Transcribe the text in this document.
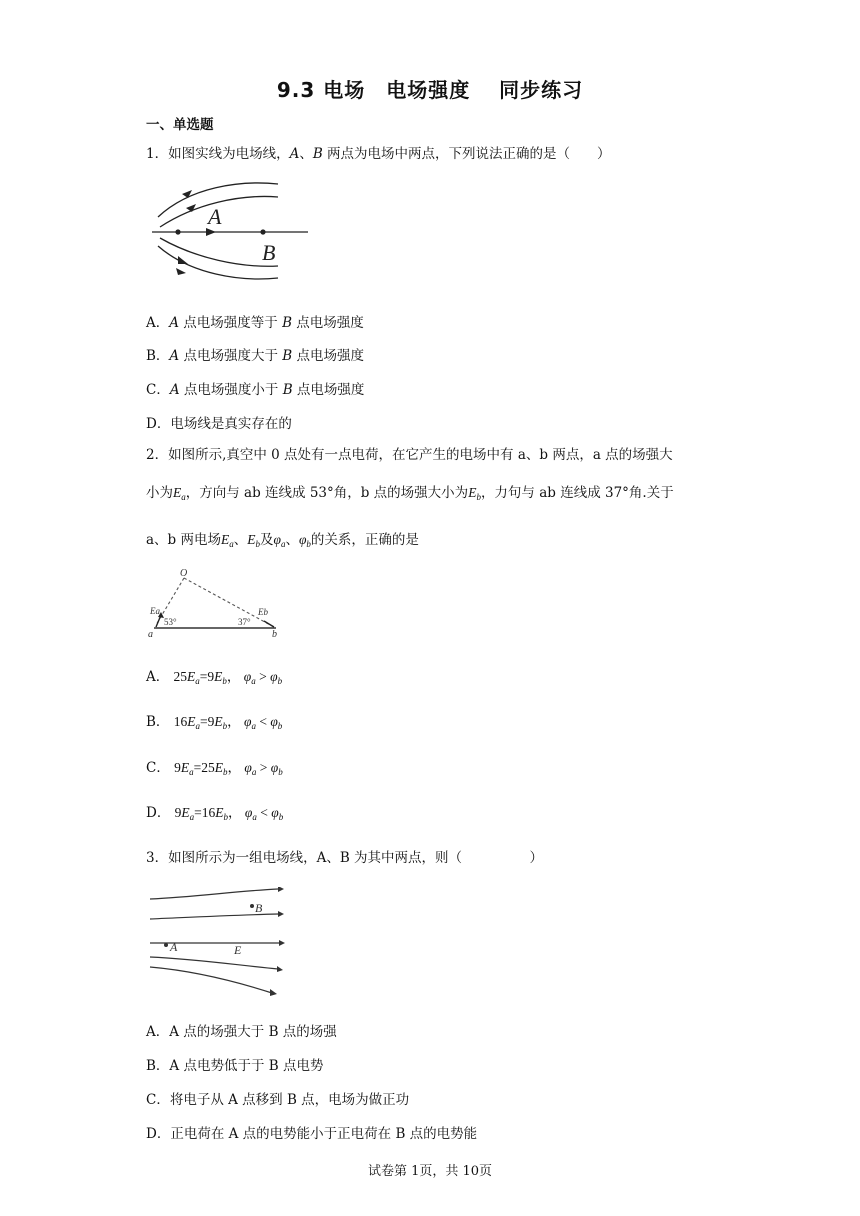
9.3 电场　电场强度　 同步练习
一、单选题
1．如图实线为电场线，A、B 两点为电场中两点，下列说法正确的是（　　）
A
B
A．A 点电场强度等于 B 点电场强度
B．A 点电场强度大于 B 点电场强度
C．A 点电场强度小于 B 点电场强度
D．电场线是真实存在的
2．如图所示,真空中 0 点处有一点电荷，在它产生的电场中有 a、b 两点，a 点的场强大
小为$E_a$，方向与 ab 连线成 53°角，b 点的场强大小为$E_b$，力句与 ab 连线成 37°角.关于
a、b 两电场$E_a$、$E_b$及$\varphi_a$、$\varphi_b$的关系，正确的是
O
Ea	Eb
53°	37°
a	b
A． $25E_a=9E_b$， $\varphi_a > \varphi_b$
B． $16E_a=9E_b$， $\varphi_a < \varphi_b$
C． $9E_a=25E_b$， $\varphi_a > \varphi_b$
D． $9E_a=16E_b$， $\varphi_a < \varphi_b$
3．如图所示为一组电场线，A、B 为其中两点，则（　　　　　）
B
A	E
A．A 点的场强大于 B 点的场强
B．A 点电势低于于 B 点电势
C．将电子从 A 点移到 B 点，电场为做正功
D．正电荷在 A 点的电势能小于正电荷在 B 点的电势能
试卷第 1页，共 10页
